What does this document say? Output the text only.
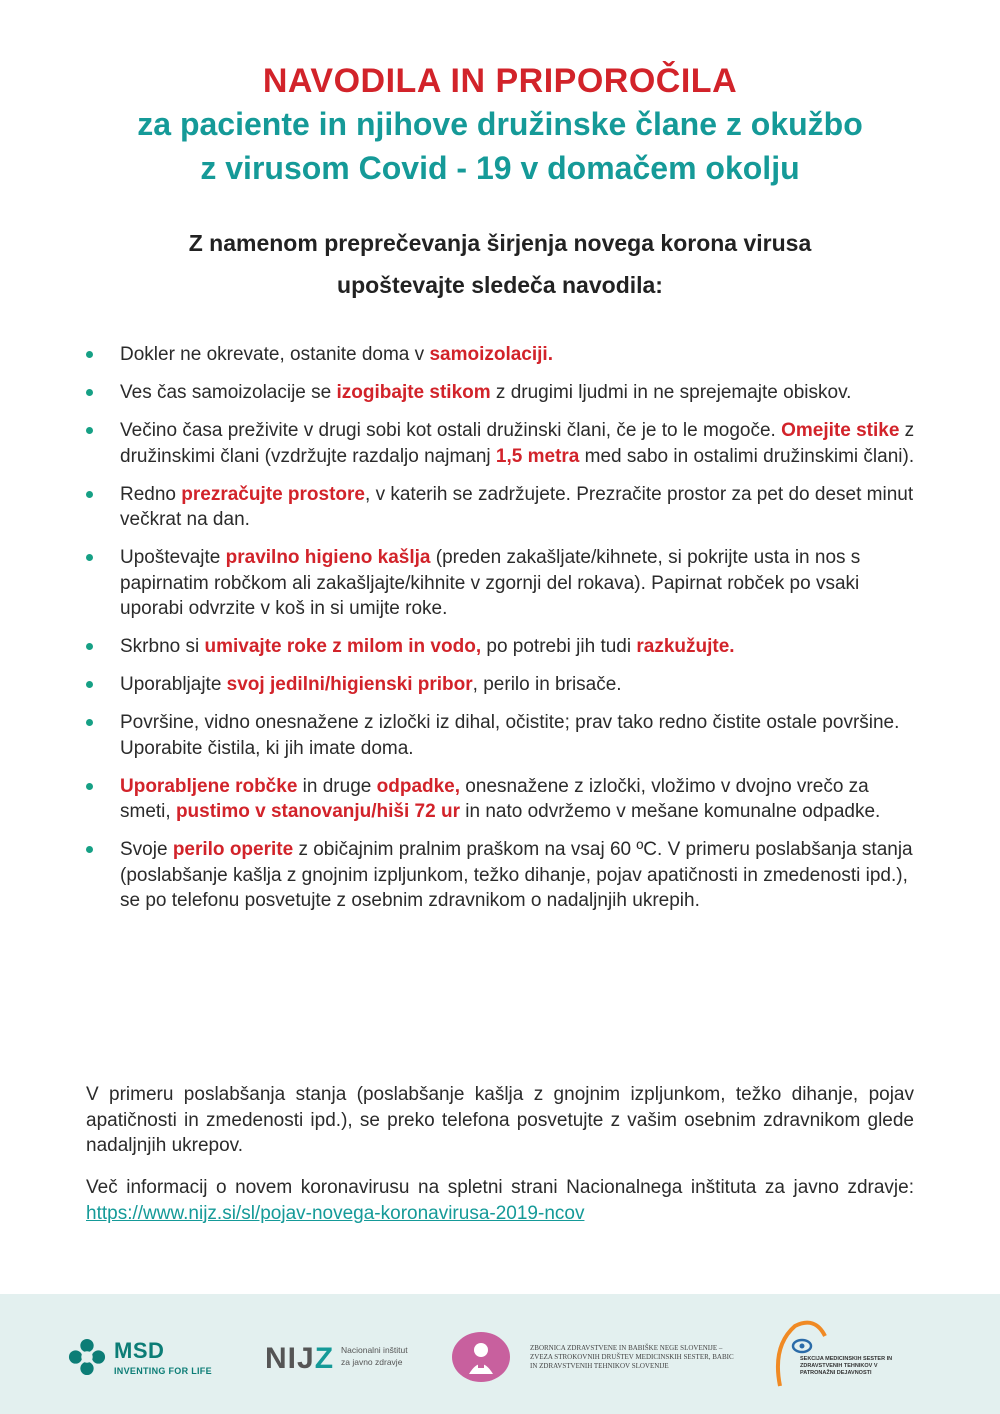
NAVODILA IN PRIPOROČILA
za paciente in njihove družinske člane z okužbo
z virusom Covid - 19 v domačem okolju
Z namenom preprečevanja širjenja novega korona virusa
upoštevajte sledeča navodila:
Dokler ne okrevate, ostanite doma v samoizolaciji.
Ves čas samoizolacije se izogibajte stikom z drugimi ljudmi in ne sprejemajte obiskov.
Večino časa preživite v drugi sobi kot ostali družinski člani, če je to le mogoče. Omejite stike z družinskimi člani (vzdržujte razdaljo najmanj 1,5 metra med sabo in ostalimi družinskimi člani).
Redno prezračujte prostore, v katerih se zadržujete. Prezračite prostor za pet do deset minut večkrat na dan.
Upoštevajte pravilno higieno kašlja (preden zakašljate/kihnete, si pokrijte usta in nos s papirnatim robčkom ali zakašljajte/kihnite v zgornji del rokava). Papirnat robček po vsaki uporabi odvrzite v koš in si umijte roke.
Skrbno si umivajte roke z milom in vodo, po potrebi jih tudi razkužujte.
Uporabljajte svoj jedilni/higienski pribor, perilo in brisače.
Površine, vidno onesnažene z izločki iz dihal, očistite; prav tako redno čistite ostale površine. Uporabite čistila, ki jih imate doma.
Uporabljene robčke in druge odpadke, onesnažene z izločki, vložimo v dvojno vrečo za smeti, pustimo v stanovanju/hiši 72 ur in nato odvržemo v mešane komunalne odpadke.
Svoje perilo operite z običajnim pralnim praškom na vsaj 60 ºC. V primeru poslabšanja stanja (poslabšanje kašlja z gnojnim izpljunkom, težko dihanje, pojav apatičnosti in zmedenosti ipd.), se po telefonu posvetujte z osebnim zdravnikom o nadaljnjih ukrepih.

V primeru poslabšanja stanja (poslabšanje kašlja z gnojnim izpljunkom, težko dihanje, pojav apatičnosti in zmedenosti ipd.), se preko telefona posvetujte z vašim osebnim zdravnikom glede nadaljnjih ukrepov.

Več informacij o novem koronavirusu na spletni strani Nacionalnega inštituta za javno zdravje: https://www.nijz.si/sl/pojav-novega-koronavirusa-2019-ncov

MSD
INVENTING FOR LIFE NIJZ Nacionalni inštitut
za javno zdravje
ZBORNICA ZDRAVSTVENE IN BABIŠKE NEGE SLOVENIJE – ZVEZA STROKOVNIH DRUŠTEV MEDICINSKIH SESTER, BABIC IN ZDRAVSTVENIH TEHNIKOV SLOVENIJE
SEKCIJA MEDICINSKIH SESTER IN ZDRAVSTVENIH TEHNIKOV V PATRONAŽNI DEJAVNOSTI
